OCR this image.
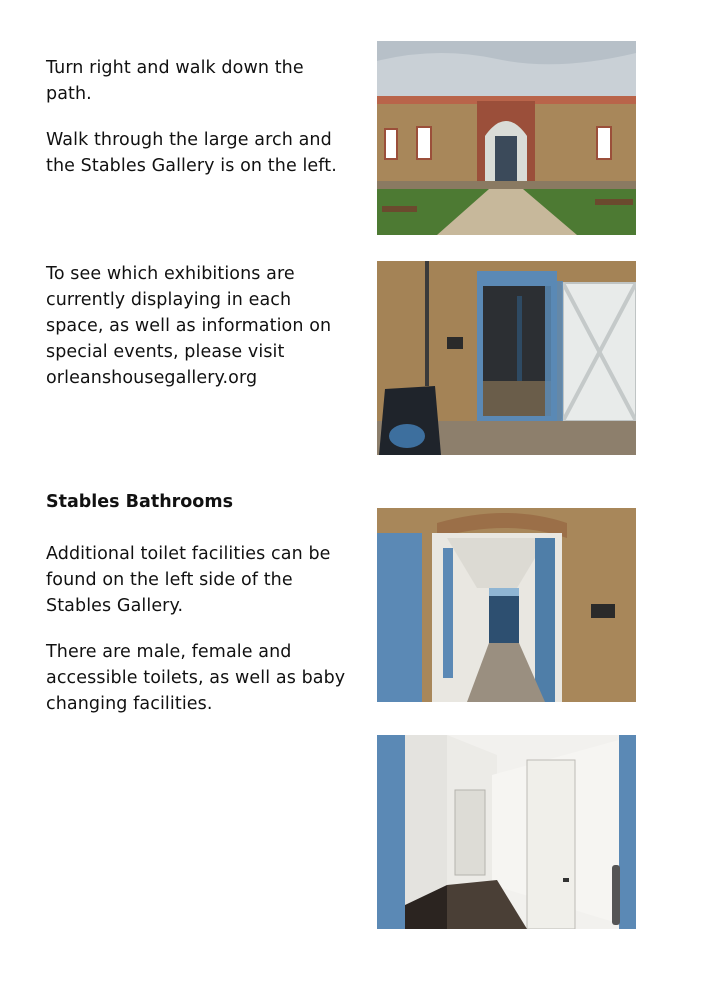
Turn right and walk down the path.

Walk through the large arch and the Stables Gallery is on the left.

To see which exhibitions are currently displaying in each space, as well as information on special events, please visit orleanshousegallery.org

Stables Bathrooms

Additional toilet facilities can be found on the left side of the Stables Gallery.

There are male, female and accessible toilets, as well as baby changing facilities.
